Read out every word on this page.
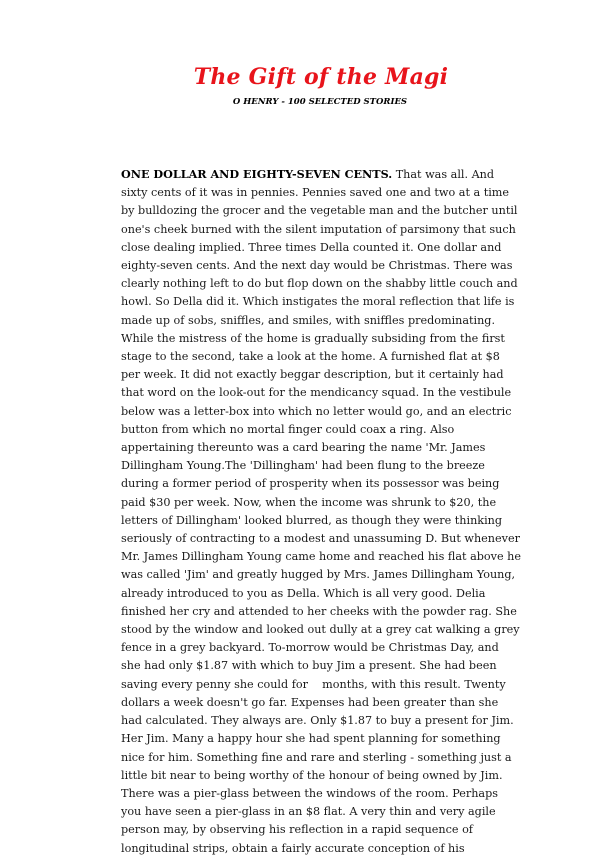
The Gift of the Magi
O HENRY - 100 SELECTED STORIES

ONE DOLLAR AND EIGHTY-SEVEN CENTS. That was all. And sixty cents of it was in pennies. Pennies saved one and two at a time by bulldozing the grocer and the vegetable man and the butcher until one's cheek burned with the silent imputation of parsimony that such close dealing implied. Three times Della counted it. One dollar and eighty-seven cents. And the next day would be Christmas. There was clearly nothing left to do but flop down on the shabby little couch and howl. So Della did it. Which instigates the moral reflection that life is made up of sobs, sniffles, and smiles, with sniffles predominating. While the mistress of the home is gradually subsiding from the first stage to the second, take a look at the home. A furnished flat at $8 per week. It did not exactly beggar description, but it certainly had that word on the look-out for the mendicancy squad. In the vestibule below was a letter-box into which no letter would go, and an electric button from which no mortal finger could coax a ring. Also appertaining thereunto was a card bearing the name 'Mr. James Dillingham Young.The 'Dillingham' had been flung to the breeze during a former period of prosperity when its possessor was being paid $30 per week. Now, when the income was shrunk to $20, the letters of Dillingham' looked blurred, as though they were thinking seriously of contracting to a modest and unassuming D. But whenever Mr. James Dillingham Young came home and reached his flat above he was called 'Jim' and greatly hugged by Mrs. James Dillingham Young, already introduced to you as Della. Which is all very good. Delia finished her cry and attended to her cheeks with the powder rag. She stood by the window and looked out dully at a grey cat walking a grey fence in a grey backyard. To-morrow would be Christmas Day, and she had only $1.87 with which to buy Jim a present. She had been saving every penny she could for    months, with this result. Twenty dollars a week doesn't go far. Expenses had been greater than she had calculated. They always are. Only $1.87 to buy a present for Jim. Her Jim. Many a happy hour she had spent planning for something nice for him. Something fine and rare and sterling - something just a little bit near to being worthy of the honour of being owned by Jim. There was a pier-glass between the windows of the room. Perhaps you have seen a pier-glass in an $8 flat. A very thin and very agile person may, by observing his reflection in a rapid sequence of longitudinal strips, obtain a fairly accurate conception of his
